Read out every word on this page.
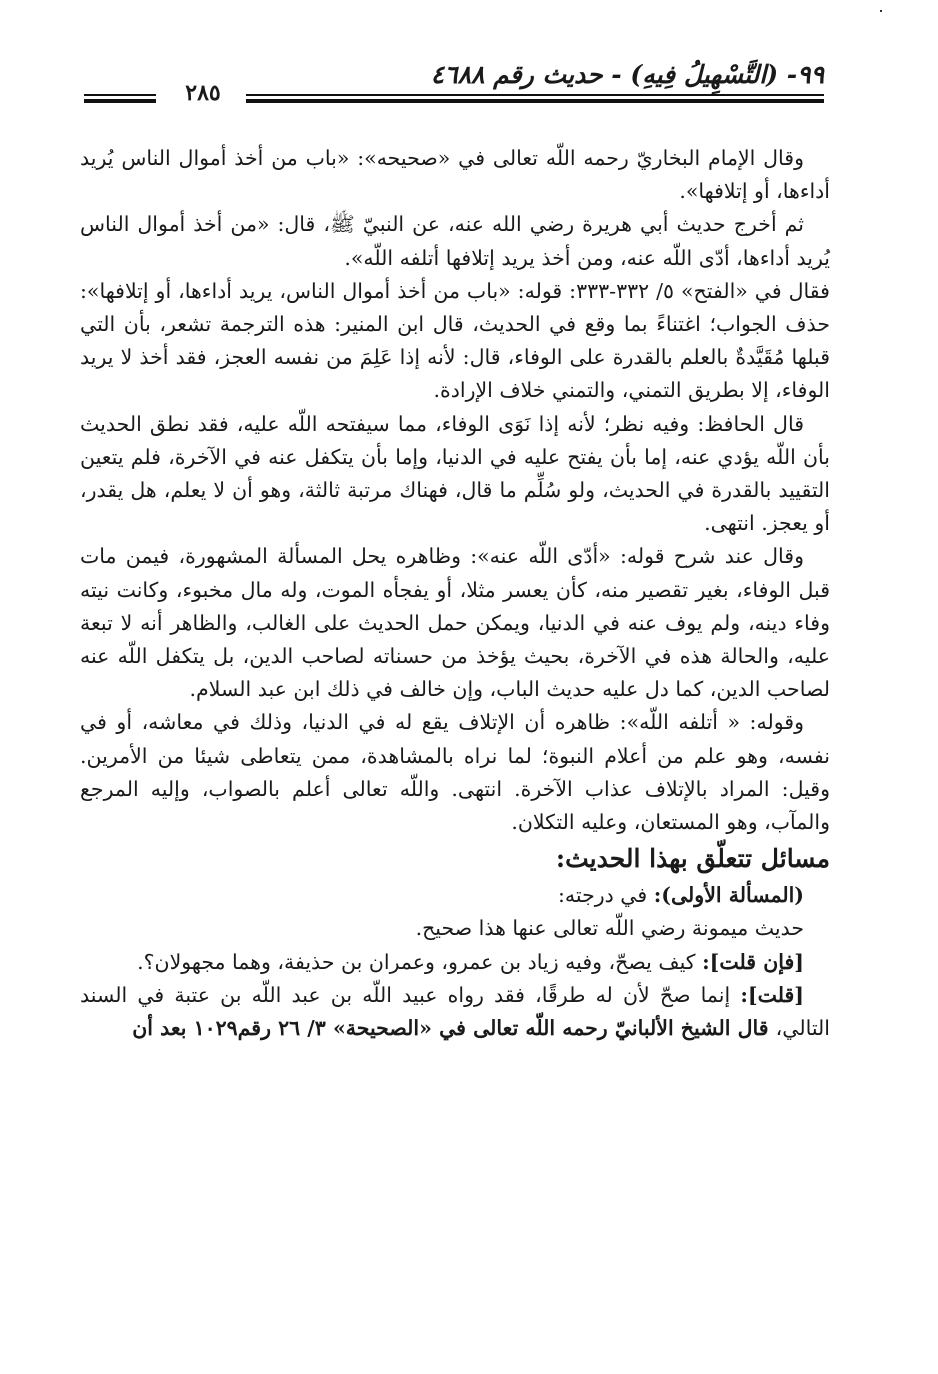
٩٩- (التَّسْهِيلُ فِيهِ) - حديث رقم ٤٦٨٨
٢٨٥

وقال الإمام البخاريّ رحمه اللّه تعالى في «صحيحه»: «باب من أخذ أموال الناس يُريد أداءها، أو إتلافها».

ثم أخرج حديث أبي هريرة رضي الله عنه، عن النبيّ ﷺ، قال: «من أخذ أموال الناس يُريد أداءها، أدّى اللّه عنه، ومن أخذ يريد إتلافها أتلفه اللّه».

فقال في «الفتح» ٥/ ٣٣٢-٣٣٣: قوله: «باب من أخذ أموال الناس، يريد أداءها، أو إتلافها»: حذف الجواب؛ اغتناءً بما وقع في الحديث، قال ابن المنير: هذه الترجمة تشعر، بأن التي قبلها مُقَيَّدةٌ بالعلم بالقدرة على الوفاء، قال: لأنه إذا عَلِمَ من نفسه العجز، فقد أخذ لا يريد الوفاء، إلا بطريق التمني، والتمني خلاف الإرادة.

قال الحافظ: وفيه نظر؛ لأنه إذا نَوَى الوفاء، مما سيفتحه اللّه عليه، فقد نطق الحديث بأن اللّه يؤدي عنه، إما بأن يفتح عليه في الدنيا، وإما بأن يتكفل عنه في الآخرة، فلم يتعين التقييد بالقدرة في الحديث، ولو سُلِّم ما قال، فهناك مرتبة ثالثة، وهو أن لا يعلم، هل يقدر، أو يعجز. انتهى.

وقال عند شرح قوله: «أدّى اللّه عنه»: وظاهره يحل المسألة المشهورة، فيمن مات قبل الوفاء، بغير تقصير منه، كأن يعسر مثلا، أو يفجأه الموت، وله مال مخبوء، وكانت نيته وفاء دينه، ولم يوف عنه في الدنيا، ويمكن حمل الحديث على الغالب، والظاهر أنه لا تبعة عليه، والحالة هذه في الآخرة، بحيث يؤخذ من حسناته لصاحب الدين، بل يتكفل اللّه عنه لصاحب الدين، كما دل عليه حديث الباب، وإن خالف في ذلك ابن عبد السلام.

وقوله: « أتلفه اللّه»: ظاهره أن الإتلاف يقع له في الدنيا، وذلك في معاشه، أو في نفسه، وهو علم من أعلام النبوة؛ لما نراه بالمشاهدة، ممن يتعاطى شيئا من الأمرين. وقيل: المراد بالإتلاف عذاب الآخرة. انتهى. واللّه تعالى أعلم بالصواب، وإليه المرجع والمآب، وهو المستعان، وعليه التكلان.

مسائل تتعلّق بهذا الحديث:

(المسألة الأولى): في درجته:

حديث ميمونة رضي اللّه تعالى عنها هذا صحيح.

[فإن قلت]: كيف يصحّ، وفيه زياد بن عمرو، وعمران بن حذيفة، وهما مجهولان؟.

[قلت]: إنما صحّ لأن له طرقًا، فقد رواه عبيد اللّه بن عبد اللّه بن عتبة في السند التالي، قال الشيخ الألبانيّ رحمه اللّه تعالى في «الصحيحة» ٣/ ٢٦ رقم١٠٢٩ بعد أن
